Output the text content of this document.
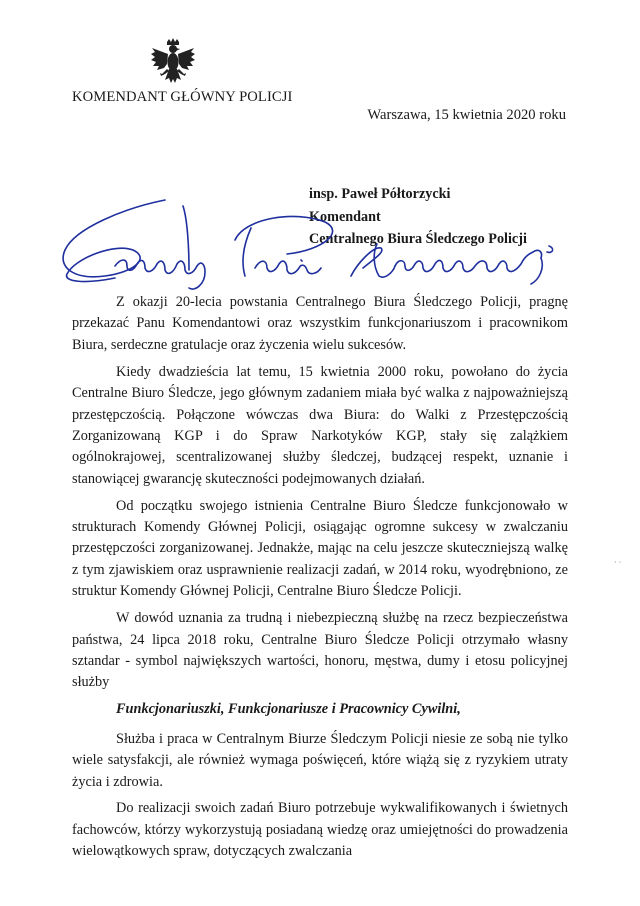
KOMENDANT GŁÓWNY POLICJI
Warszawa, 15 kwietnia 2020 roku
insp. Paweł Półtorzycki
Komendant
Centralnego Biura Śledczego Policji

Z okazji 20-lecia powstania Centralnego Biura Śledczego Policji, pragnę przekazać Panu Komendantowi oraz wszystkim funkcjonariuszom i pracownikom Biura, serdeczne gratulacje oraz życzenia wielu sukcesów.

Kiedy dwadzieścia lat temu, 15 kwietnia 2000 roku, powołano do życia Centralne Biuro Śledcze, jego głównym zadaniem miała być walka z najpoważniejszą przestępczością. Połączone wówczas dwa Biura: do Walki z Przestępczością Zorganizowaną KGP i do Spraw Narkotyków KGP, stały się zalążkiem ogólnokrajowej, scentralizowanej służby śledczej, budzącej respekt, uznanie i stanowiącej gwarancję skuteczności podejmowanych działań.

Od początku swojego istnienia Centralne Biuro Śledcze funkcjonowało w strukturach Komendy Głównej Policji, osiągając ogromne sukcesy w zwalczaniu przestępczości zorganizowanej. Jednakże, mając na celu jeszcze skuteczniejszą walkę z tym zjawiskiem oraz usprawnienie realizacji zadań, w 2014 roku, wyodrębniono, ze struktur Komendy Głównej Policji, Centralne Biuro Śledcze Policji.

W dowód uznania za trudną i niebezpieczną służbę na rzecz bezpieczeństwa państwa, 24 lipca 2018 roku, Centralne Biuro Śledcze Policji otrzymało własny sztandar - symbol największych wartości, honoru, męstwa, dumy i etosu policyjnej służby

Funkcjonariuszki, Funkcjonariusze i Pracownicy Cywilni,

Służba i praca w Centralnym Biurze Śledczym Policji niesie ze sobą nie tylko wiele satysfakcji, ale również wymaga poświęceń, które wiążą się z ryzykiem utraty życia i zdrowia.

Do realizacji swoich zadań Biuro potrzebuje wykwalifikowanych i świetnych fachowców, którzy wykorzystują posiadaną wiedzę oraz umiejętności do prowadzenia wielowątkowych spraw, dotyczących zwalczania

· ·
